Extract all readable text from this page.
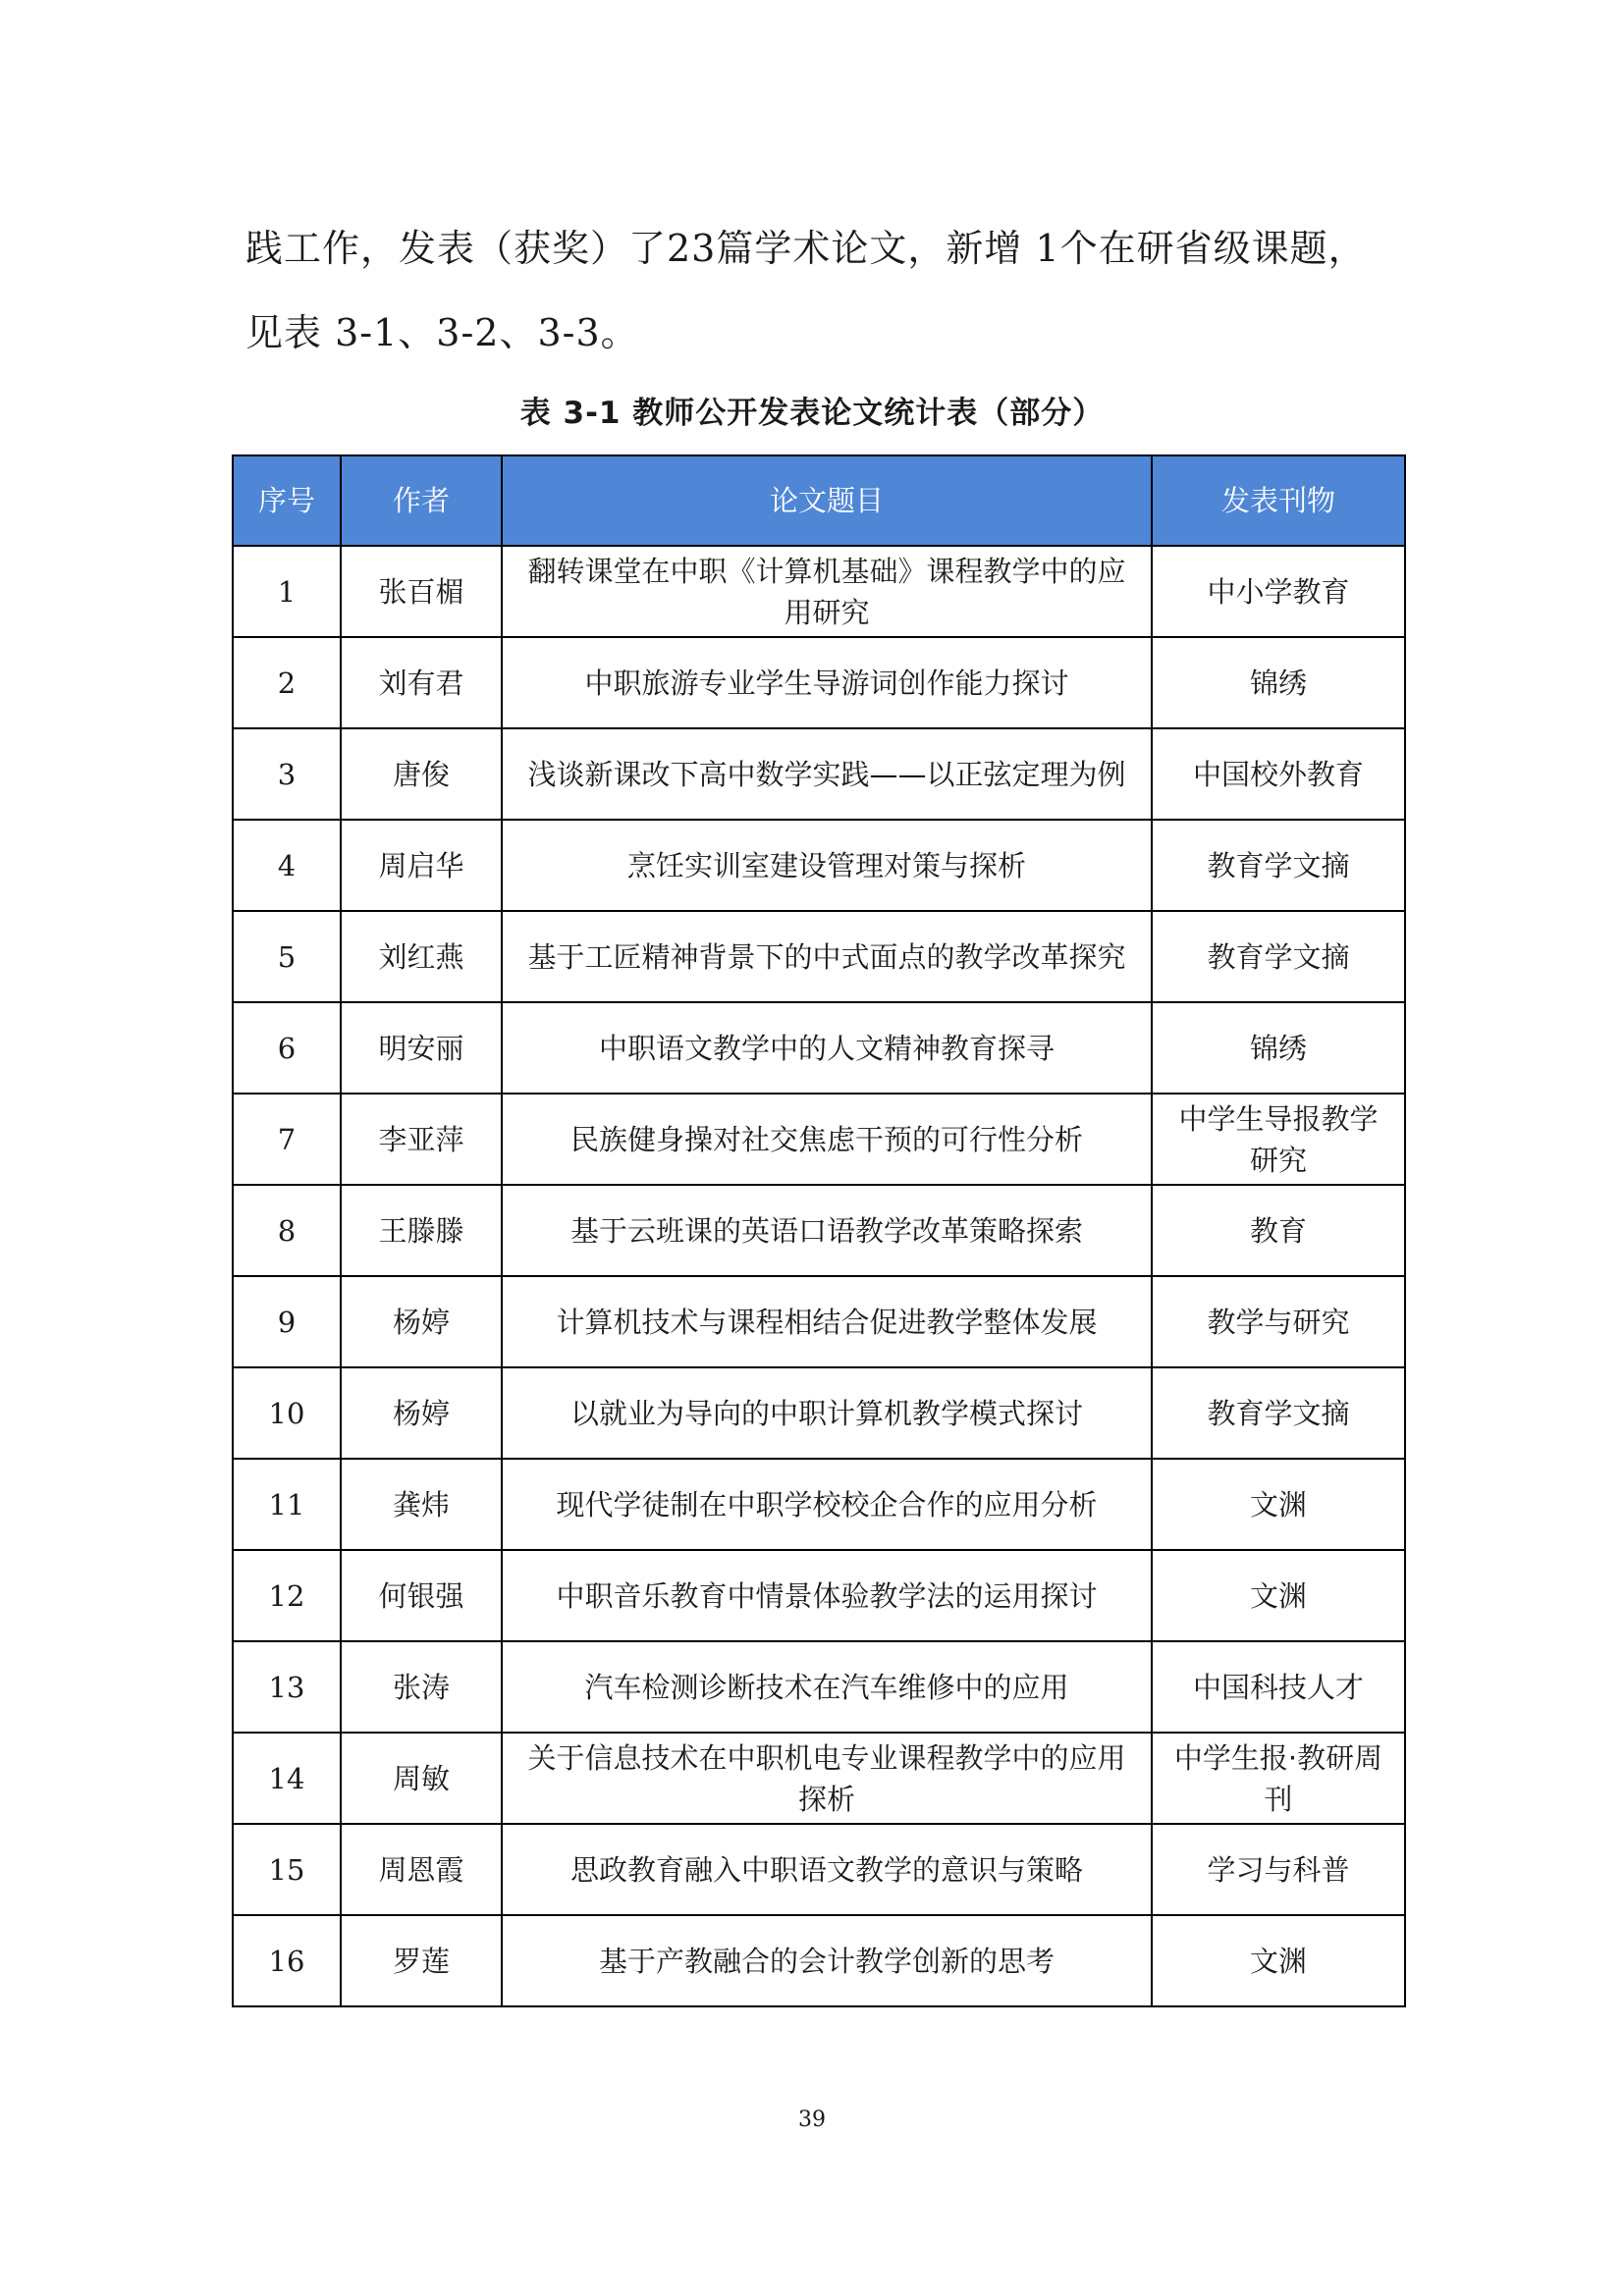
践工作，发表（获奖）了23篇学术论文，新增 1个在研省级课题，

见表 3-1、3-2、3-3。

表 3-1 教师公开发表论文统计表（部分）
序号	作者	论文题目	发表刊物
1	张百楣	翻转课堂在中职《计算机基础》课程教学中的应用研究	中小学教育
2	刘有君	中职旅游专业学生导游词创作能力探讨	锦绣
3	唐俊	浅谈新课改下高中数学实践——以正弦定理为例	中国校外教育
4	周启华	烹饪实训室建设管理对策与探析	教育学文摘
5	刘红燕	基于工匠精神背景下的中式面点的教学改革探究	教育学文摘
6	明安丽	中职语文教学中的人文精神教育探寻	锦绣
7	李亚萍	民族健身操对社交焦虑干预的可行性分析	中学生导报教学研究
8	王滕滕	基于云班课的英语口语教学改革策略探索	教育
9	杨婷	计算机技术与课程相结合促进教学整体发展	教学与研究
10	杨婷	以就业为导向的中职计算机教学模式探讨	教育学文摘
11	龚炜	现代学徒制在中职学校校企合作的应用分析	文渊
12	何银强	中职音乐教育中情景体验教学法的运用探讨	文渊
13	张涛	汽车检测诊断技术在汽车维修中的应用	中国科技人才
14	周敏	关于信息技术在中职机电专业课程教学中的应用探析	中学生报·教研周刊
15	周恩霞	思政教育融入中职语文教学的意识与策略	学习与科普
16	罗莲	基于产教融合的会计教学创新的思考	文渊
39
